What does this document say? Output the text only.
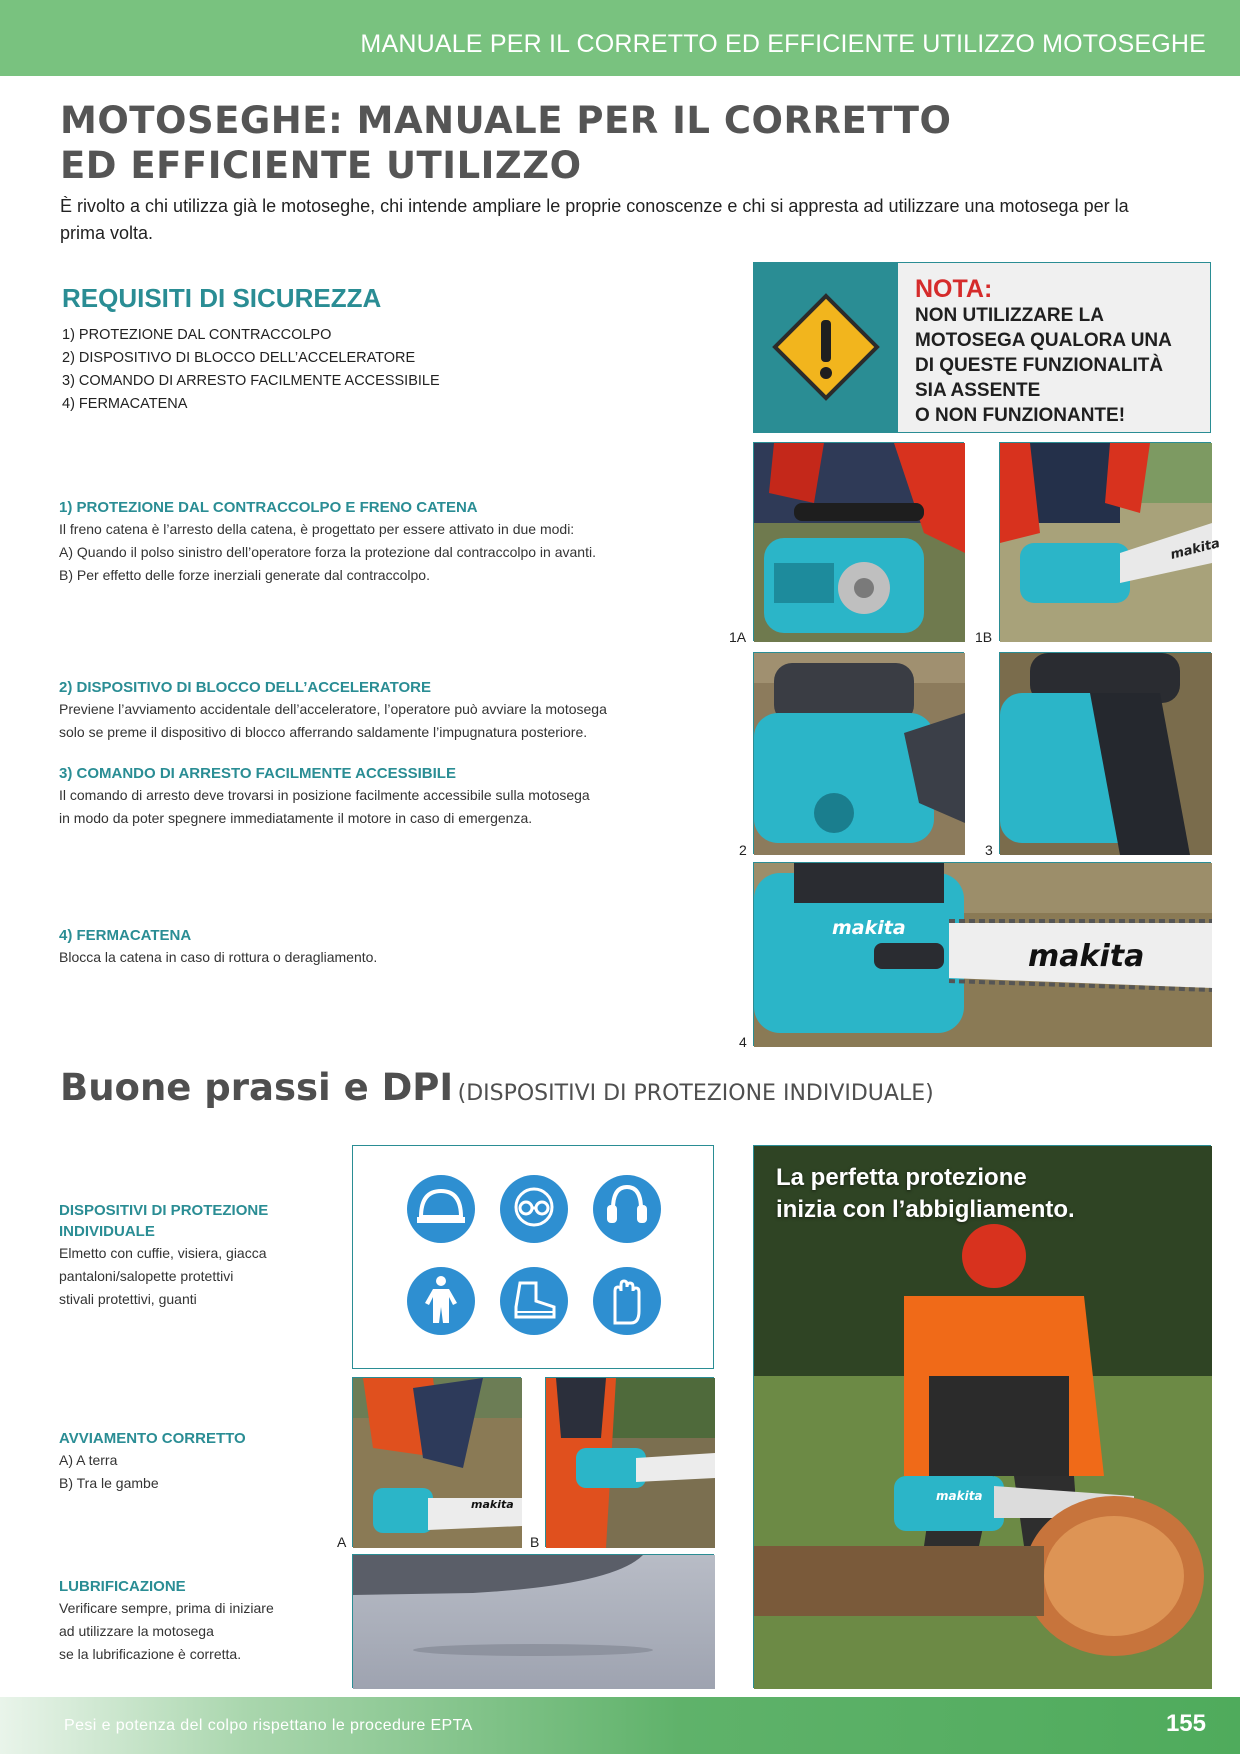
MANUALE PER IL CORRETTO ED EFFICIENTE UTILIZZO MOTOSEGHE
MOTOSEGHE: MANUALE PER IL CORRETTO
ED EFFICIENTE UTILIZZO
È rivolto a chi utilizza già le motoseghe, chi intende ampliare le proprie conoscenze e chi si appresta ad utilizzare una motosega per la prima volta.
REQUISITI DI SICUREZZA
1) PROTEZIONE DAL CONTRACCOLPO
2) DISPOSITIVO DI BLOCCO DELL’ACCELERATORE
3) COMANDO DI ARRESTO FACILMENTE ACCESSIBILE
4) FERMACATENA
NOTA:
NON UTILIZZARE LA
MOTOSEGA QUALORA UNA
DI QUESTE FUNZIONALITÀ
SIA ASSENTE
O NON FUNZIONANTE!
1) PROTEZIONE DAL CONTRACCOLPO E FRENO CATENA

Il freno catena è l’arresto della catena, è progettato per essere attivato in due modi:

A) Quando il polso sinistro dell’operatore forza la protezione dal contraccolpo in avanti.

B) Per effetto delle forze inerziali generate dal contraccolpo.

2) DISPOSITIVO DI BLOCCO DELL’ACCELERATORE

Previene l’avviamento accidentale dell’acceleratore, l’operatore può avviare la motosega

solo se preme il dispositivo di blocco afferrando saldamente l’impugnatura posteriore.

3) COMANDO DI ARRESTO FACILMENTE ACCESSIBILE

Il comando di arresto deve trovarsi in posizione facilmente accessibile sulla motosega

in modo da poter spegnere immediatamente il motore in caso di emergenza.

4) FERMACATENA

Blocca la catena in caso di rottura o deragliamento.

1A
makita
1B
2	3
makita
makita
4
Buone prassi e DPI (DISPOSITIVI DI PROTEZIONE INDIVIDUALE)
DISPOSITIVI DI PROTEZIONE
INDIVIDUALE

Elmetto con cuffie, visiera, giacca

pantaloni/salopette protettivi

stivali protettivi, guanti

AVVIAMENTO CORRETTO

A) A terra

B) Tra le gambe

makita
A	B
LUBRIFICAZIONE

Verificare sempre, prima di iniziare

ad utilizzare la motosega

se la lubrificazione è corretta.

La perfetta protezione
inizia con l’abbigliamento.
makita
Pesi e potenza del colpo rispettano le procedure EPTA	155
